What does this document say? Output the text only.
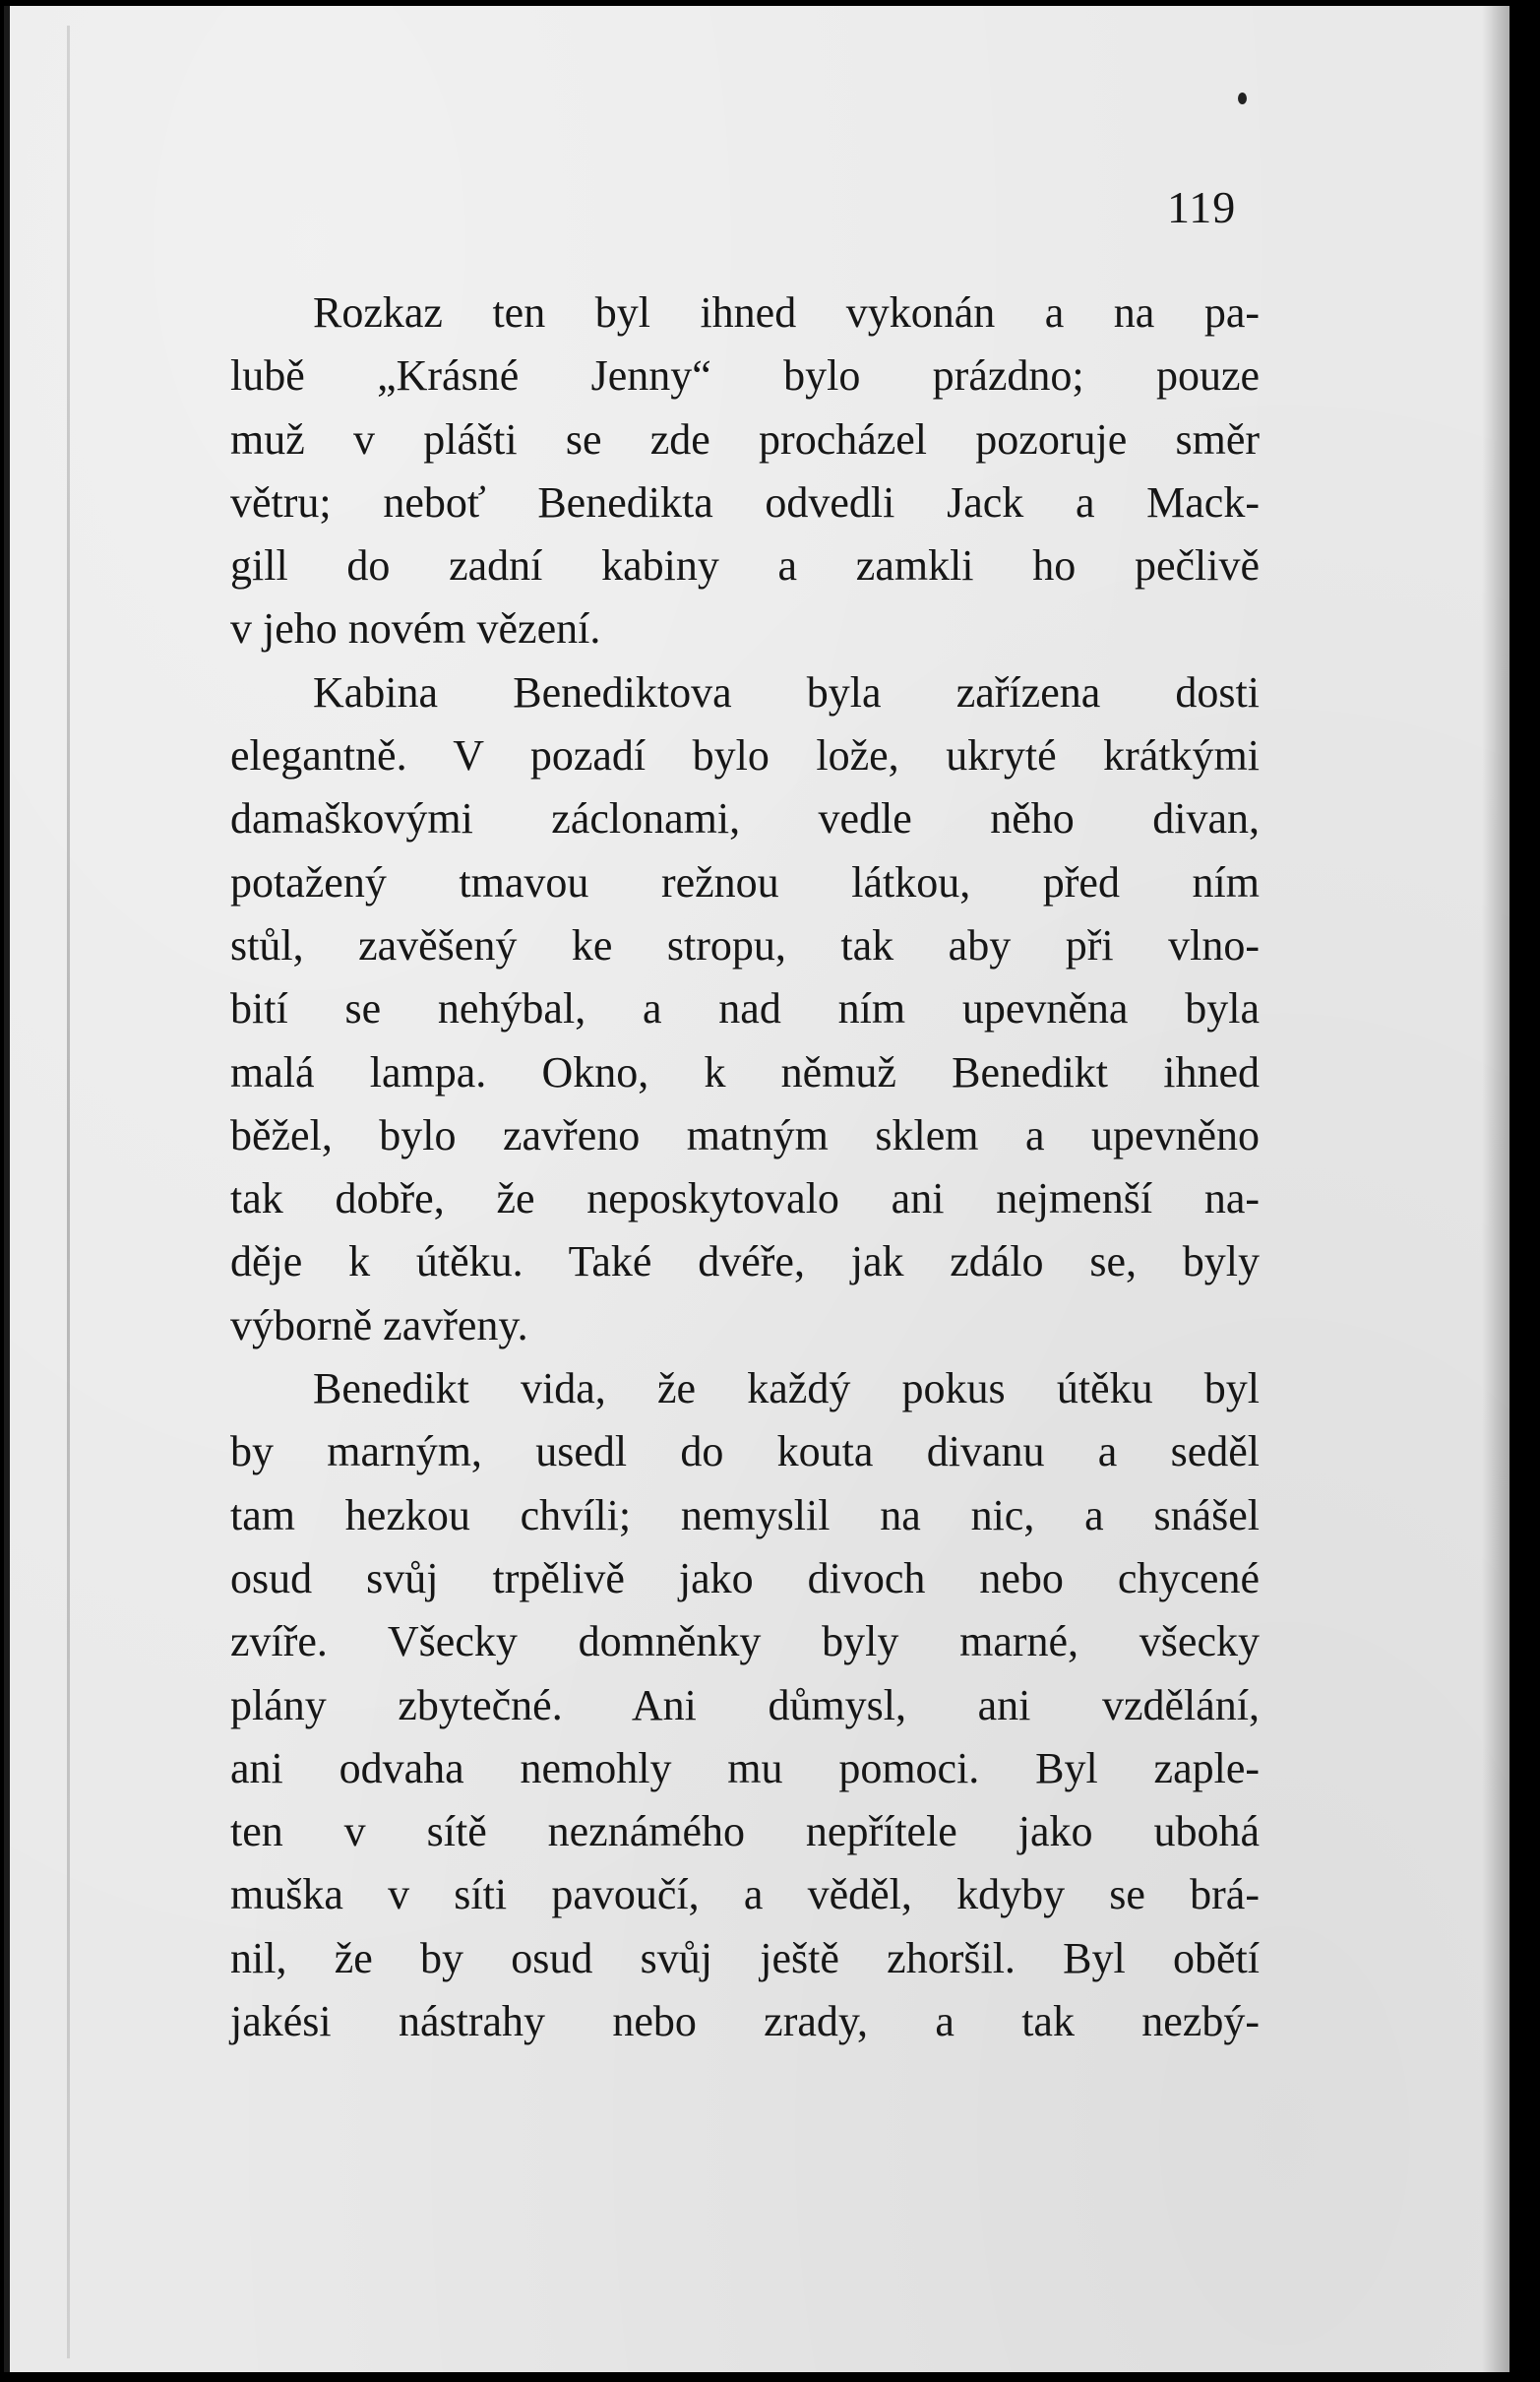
119
Rozkaz ten byl ihned vykonán a na pa-
lubě „Krásné Jenny“ bylo prázdno; pouze
muž v plášti se zde procházel pozoruje směr
větru; neboť Benedikta odvedli Jack a Mack-
gill do zadní kabiny a zamkli ho pečlivě
v jeho novém vězení.
Kabina Benediktova byla zařízena dosti
elegantně. V pozadí bylo lože, ukryté krátkými
damaškovými záclonami, vedle něho divan,
potažený tmavou režnou látkou, před ním
stůl, zavěšený ke stropu, tak aby při vlno-
bití se nehýbal, a nad ním upevněna byla
malá lampa. Okno, k němuž Benedikt ihned
běžel, bylo zavřeno matným sklem a upevněno
tak dobře, že neposkytovalo ani nejmenší na-
děje k útěku. Také dvéře, jak zdálo se, byly
výborně zavřeny.
Benedikt vida, že každý pokus útěku byl
by marným, usedl do kouta divanu a seděl
tam hezkou chvíli; nemyslil na nic, a snášel
osud svůj trpělivě jako divoch nebo chycené
zvíře. Všecky domněnky byly marné, všecky
plány zbytečné. Ani důmysl, ani vzdělání,
ani odvaha nemohly mu pomoci. Byl zaple-
ten v sítě neznámého nepřítele jako ubohá
muška v síti pavoučí, a věděl, kdyby se brá-
nil, že by osud svůj ještě zhoršil. Byl obětí
jakési nástrahy nebo zrady, a tak nezbý-
